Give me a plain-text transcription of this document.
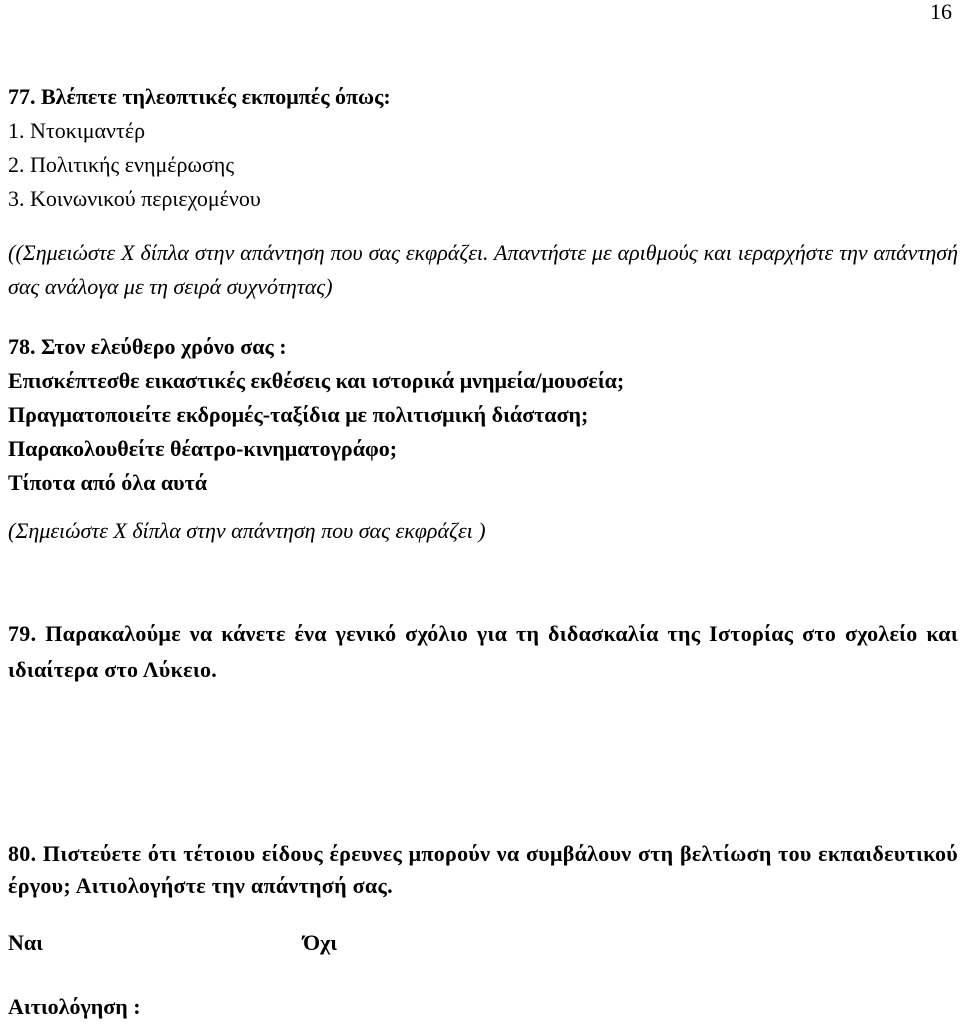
16
77. Βλέπετε τηλεοπτικές εκπομπές όπως:
1. Ντοκιμαντέρ
2. Πολιτικής ενημέρωσης
3. Κοινωνικού περιεχομένου
((Σημειώστε Χ δίπλα στην απάντηση που σας εκφράζει. Απαντήστε με αριθμούς και ιεραρχήστε την απάντησή σας ανάλογα με τη σειρά συχνότητας)
78. Στον ελεύθερο χρόνο σας :
Επισκέπτεσθε εικαστικές εκθέσεις και ιστορικά μνημεία/μουσεία;
Πραγματοποιείτε εκδρομές-ταξίδια με πολιτισμική διάσταση;
Παρακολουθείτε θέατρο-κινηματογράφο;
Τίποτα από όλα αυτά
(Σημειώστε Χ δίπλα στην απάντηση που σας εκφράζει )
79. Παρακαλούμε να κάνετε ένα γενικό σχόλιο για τη διδασκαλία της Ιστορίας στο σχολείο και ιδιαίτερα στο Λύκειο.
80. Πιστεύετε ότι τέτοιου είδους έρευνες μπορούν να συμβάλουν στη βελτίωση του εκπαιδευτικού έργου; Αιτιολογήστε την απάντησή σας.
Ναι	Όχι
Αιτιολόγηση :
